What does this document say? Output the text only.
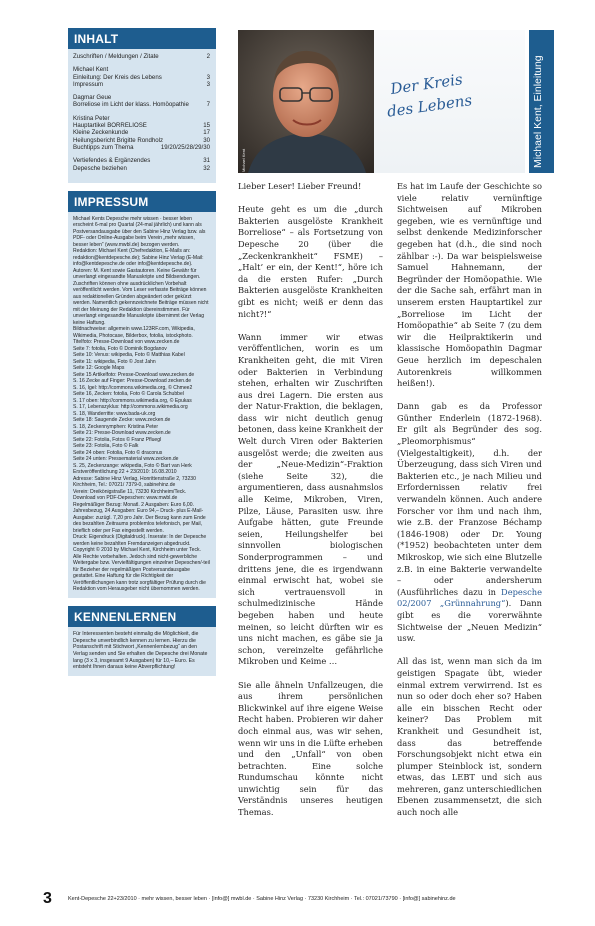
INHALT
Zuschriften / Meldungen / Zitate	2
Michael Kent
Einleitung: Der Kreis des Lebens	3
Impressum	3
Dagmar Geue
Borreliose im Licht der klass. Homöopathie	7
Kristina Peter
Hauptartikel BORRELIOSE	15
Kleine Zeckenkunde	17
Heilungsbericht Brigitte Rondholz	30
Buchtipps zum Thema	19/20/25/28/29/30
Vertiefendes & Ergänzendes	31
Depesche beziehen	32
IMPRESSUM

Michael Kents Depesche mehr wissen · besser leben erscheint 6-mal pro Quartal (24-mal jährlich) und kann als Postversandausgabe über den Sabine Hinz Verlag bzw. als PDF- oder Online-Ausgabe beim Verein „mehr wissen, besser leben“ (www.mwbl.de) bezogen werden.

Redaktion: Michael Kent (Chefredaktion, E-Mails an: redaktion@kentdepesche.de); Sabine Hinz Verlag (E-Mail: info@kentdepesche.de oder info@kentdepesche.de).

Autoren: M. Kent sowie Gastautoren. Keine Gewähr für unverlangt eingesandte Manuskripte und Bildsendungen. Zuschriften können ohne ausdrücklichen Vorbehalt veröffentlicht werden. Vom Leser verfasste Beiträge können aus redaktionellen Gründen abgeändert oder gekürzt werden. Namentlich gekennzeichnete Beiträge müssen nicht mit der Meinung der Redaktion übereinstimmen. Für unverlangt eingesandte Manuskripte übernimmt der Verlag keine Haftung.

Bildnachweise: allgemein www.123RF.com, Wikipedia, Wikimedia, Photocase, Bilderbox, fotolia, istockphoto.

Titelfoto: Presse-Download von www.zecken.de

Seite 7: fotolia, Foto © Dominik Bogdanov

Seite 10: Venus: wikipedia, Foto © Matthias Kabel

Seite 11: wikipedia, Foto © Jost Jahn

Seite 12: Google Maps

Seite 15 Artikelfoto: Presse-Download www.zecken.de

S. 16 Zecke auf Finger: Presse-Download zecken.de

S. 16, Igel: http://commons.wikimedia.org, © Chmee2

Seite 16, Zecken: fotolia, Foto © Carola Schubbel

S. 17 oben: http://commons.wikimedia.org, © Epukas

S. 17, Lebenszyklus: http://commons.wikimedia.org

S. 18, Wanderritte: www.bada-uk.org

Seite 18: Saugende Zecke: www.zecken.de

S. 18, Zeckennymphen: Kristina Peter

Seite 21: Presse-Download www.zecken.de

Seite 22: Fotolia, Fotos © Franz Pfluegl

Seite 23: Fotolia, Foto © Falk

Seite 24 oben: Fotolia, Foto © draconus

Seite 24 unten: Pressematerial www.zecken.de

S. 25, Zeckenzange: wikipedia, Foto © Bart van Herk

Erstveröffentlichung 22 + 23/2010: 16.08.2010

Adresse: Sabine Hinz Verlag, Honrittenstraße 2, 73230 Kirchheim, Tel.: 07021/ 7379-0, sabinehinz.de

Verein: Dreikönigstraße 11, 73230 Kirchheim/Teck. Download von PDF-Depeschen: www.mwbl.de

Regelmäßiger Bezug: Monatl. 2 Ausgaben: Euro 6,00. Jahresbezug, 24 Ausgaben: Euro 94,– Druck- plus E-Mail-Ausgabe: zuzügl. 7,20 pro Jahr. Der Bezug kann zum Ende des bezahlten Zeitraums problemlos telefonisch, per Mail, brieflich oder per Fax eingestellt werden.

Druck: Eigendruck (Digitaldruck). Inserate: In der Depesche werden keine bezahlten Fremdanzeigen abgedruckt.

Copyright © 2010 by Michael Kent, Kirchheim unter Teck. Alle Rechte vorbehalten. Jedoch sind nicht-gewerbliche Weitergabe bzw. Vervielfältigungen einzelner Depeschen/-teil für Bezieher der regelmäßigen Postversandausgabe gestattet. Eine Haftung für die Richtigkeit der Veröffentlichungen kann trotz sorgfältiger Prüfung durch die Redaktion vom Herausgeber nicht übernommen werden.

KENNENLERNEN
Für Interessenten besteht einmalig die Möglichkeit, die Depesche unverbindlich kennen zu lernen. Hierzu die Postanschrift mit Stichwort „Kennenlernbezug“ an den Verlag senden und Sie erhalten die Depesche drei Monate lang (3 x 3, insgesamt 9 Ausgaben) für 10,– Euro. Es entsteht Ihnen daraus keine Abverpflichtung!
Michael Kent
Der Kreis
des Lebens	Michael Kent, Einleitung

Lieber Leser! Lieber Freund!

Heute geht es um die „durch Bakterien ausgelöste Krankheit Borreliose“ – als Fortsetzung von Depesche 20 (über die „Zeckenkrankheit“ FSME) – „Halt’ er ein, der Kent!“, höre ich da die ersten Rufer: „Durch Bakterien ausgelöste Krankheiten gibt es nicht; weiß er denn das nicht?!“

Wann immer wir etwas veröffentlichen, worin es um Krankheiten geht, die mit Viren oder Bakterien in Verbindung stehen, erhalten wir Zuschriften aus drei Lagern. Die ersten aus der Natur-Fraktion, die beklagen, dass wir nicht deutlich genug betonen, dass keine Krankheit der Welt durch Viren oder Bakterien ausgelöst werde; die zweiten aus der „Neue-Medizin“-Fraktion (siehe Seite 32), die argumentieren, dass ausnahmslos alle Keime, Mikroben, Viren, Pilze, Läuse, Parasiten usw. ihre Aufgabe hätten, gute Freunde seien, Heilungshelfer bei sinnvollen biologischen Sonderprogrammen – und drittens jene, die es irgendwann einmal erwischt hat, wobei sie sich vertrauensvoll in schulmedizinische Hände begeben haben und heute meinen, so leicht dürften wir es uns nicht machen, es gäbe sie ja schon, vereinzelte gefährliche Mikroben und Keime …

Sie alle ähneln Unfallzeugen, die aus ihrem persönlichen Blickwinkel auf ihre eigene Weise Recht haben. Probieren wir daher doch einmal aus, was wir sehen, wenn wir uns in die Lüfte erheben und den „Unfall“ von oben betrachten. Eine solche Rundumschau könnte nicht unwichtig sein für das Verständnis unseres heutigen Themas.

Es hat im Laufe der Geschichte so viele relativ vernünftige Sichtweisen auf Mikroben gegeben, wie es vernünftige und selbst denkende Medizinforscher gegeben hat (d.h., die sind noch zählbar :-). Da war beispielsweise Samuel Hahnemann, der Begründer der Homöopathie. Wie der die Sache sah, erfährt man in unserem ersten Hauptartikel zur „Borreliose im Licht der Homöopathie“ ab Seite 7 (zu dem wir die Heilpraktikerin und klassische Homöopathin Dagmar Geue herzlich im depeschalen Autorenkreis willkommen heißen!).

Dann gab es da Professor Günther Enderlein (1872-1968). Er gilt als Begründer des sog. „Pleomorphismus“ (Vielgestaltigkeit), d.h. der Überzeugung, dass sich Viren und Bakterien etc., je nach Milieu und Erfordernissen relativ frei verwandeln können. Auch andere Forscher vor ihm und nach ihm, wie z.B. der Franzose Béchamp (1846-1908) oder Dr. Young (*1952) beobachteten unter dem Mikroskop, wie sich eine Blutzelle z.B. in eine Bakterie verwandelte – oder andersherum (Ausführliches dazu in Depesche 02/2007 „Grünnahrung“). Dann gibt es die vorerwähnte Sichtweise der „Neuen Medizin“ usw.

All das ist, wenn man sich da im geistigen Spagate übt, wieder einmal extrem verwirrend. Ist es nun so oder doch eher so? Haben alle ein bisschen Recht oder keiner? Das Problem mit Krankheit und Gesundheit ist, dass das betreffende Forschungsobjekt nicht etwa ein plumper Steinblock ist, sondern etwas, das LEBT und sich aus mehreren, ganz unterschiedlichen Ebenen zusammensetzt, die sich auch noch alle

3	Kent-Depesche 22+23/2010 · mehr wissen, besser leben · [info@] mwbl.de · Sabine Hinz Verlag · 73230 Kirchheim · Tel.: 07021/73790 · [info@] sabinehinz.de
